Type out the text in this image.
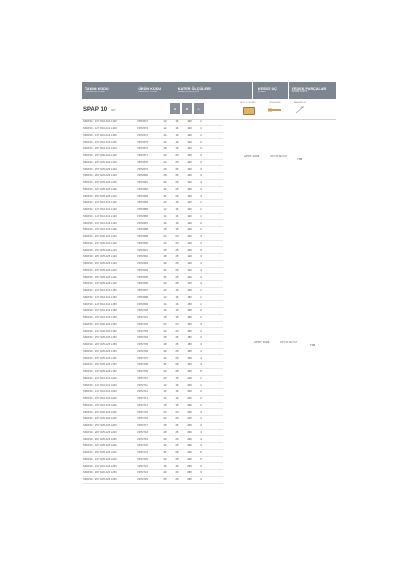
TAKIM KODU
ORDERING CODE
ÜRÜN KODU
PRODUCT CODE
KATER ÖLÇÜLERİ
DIMENSIONS (mm)
KESİCİ UÇ
INSERT
YEDEK PARÇALAR
SPARE PARTS
SPAP 10 90°	H	B	L
APKT 10 UYUMLU	VİDA SCREW	ANAHTAR KEY
SPAP10 - 10Y D16 A10 L100	VRT2672	10	16	100	1
SPAP10 - 12Y D16 A12 L100	VRT2673	12	16	100	1
SPAP10 - 14Y D16 A14 L100	VRT2674	14	16	100	1
SPAP10 - 16Y D16 A16 L100	VRT2675	16	16	100	2
SPAP10 - 18Y D16 A16 L100	VRT2676	18	16	100	2
SPAP10 - 20Y D20 A20 L100	VRT2677	20	20	100	3
SPAP10 - 22Y D20 A20 L100	VRT2678	22	20	100	3
SPAP10 - 25Y D25 A25 L100	VRT2679	25	25	100	3
SPAP10 - 28Y D25 A25 L100	VRT2680	28	25	100	3
SPAP10 - 30Y D25 A25 L100	VRT2681	30	25	100	4
SPAP10 - 32Y D25 A25 L100	VRT2682	32	25	100	4
SPAP10 - 35Y D25 A25 L100	VRT2683	35	25	100	4
SPAP10 - 10Y D16 A10 L120	VRT2684	10	16	120	1
SPAP10 - 12Y D16 A12 L120	VRT2685	12	16	120	1
SPAP10 - 14Y D16 A14 L120	VRT2686	14	16	120	1
SPAP10 - 16Y D16 A16 L120	VRT2687	16	16	120	2
SPAP10 - 18Y D16 A16 L120	VRT2688	18	16	120	2
SPAP10 - 20Y D20 A20 L120	VRT2689	20	20	120	3
SPAP10 - 22Y D20 A20 L120	VRT2690	22	20	120	3
SPAP10 - 25Y D25 A25 L120	VRT2691	25	25	120	3
SPAP10 - 28Y D25 A25 L120	VRT2692	28	25	120	3
SPAP10 - 30Y D25 A25 L120	VRT2693	30	25	120	4
SPAP10 - 32Y D25 A25 L120	VRT2694	32	25	120	4
SPAP10 - 35Y D25 A25 L120	VRT2695	35	25	120	4
SPAP10 - 40Y D25 A25 L120	VRT2696	40	25	120	4
SPAP10 - 10Y D16 A10 L150	VRT2697	10	16	150	1
SPAP10 - 12Y D16 A12 L150	VRT2698	12	16	150	1
SPAP10 - 14Y D16 A14 L150	VRT2699	14	16	150	1
SPAP10 - 16Y D16 A16 L150	VRT2700	16	16	150	2
SPAP10 - 18Y D16 A16 L150	VRT2701	18	16	150	2
SPAP10 - 20Y D20 A20 L150	VRT2702	20	20	150	3
SPAP10 - 22Y D20 A20 L150	VRT2703	22	20	150	3
SPAP10 - 25Y D25 A25 L150	VRT2704	25	25	150	3
SPAP10 - 28Y D25 A25 L150	VRT2705	28	25	150	3
SPAP10 - 30Y D25 A25 L150	VRT2706	30	25	150	4
SPAP10 - 32Y D25 A25 L150	VRT2707	32	25	150	4
SPAP10 - 35Y D25 A25 L150	VRT2708	35	25	150	4
SPAP10 - 40Y D25 A25 L150	VRT2709	40	25	150	5
SPAP10 - 10Y D16 A10 L200	VRT2710	10	16	200	1
SPAP10 - 12Y D16 A12 L200	VRT2711	12	16	200	1
SPAP10 - 14Y D16 A14 L200	VRT2712	14	16	200	2
SPAP10 - 16Y D16 A16 L200	VRT2713	16	16	200	2
SPAP10 - 18Y D16 A16 L200	VRT2714	18	16	200	2
SPAP10 - 20Y D20 A20 L200	VRT2715	20	20	200	3
SPAP10 - 22Y D20 A20 L200	VRT2716	22	20	200	3
SPAP10 - 25Y D25 A25 L200	VRT2717	25	25	200	3
SPAP10 - 28Y D25 A25 L200	VRT2718	28	25	200	4
SPAP10 - 30Y D25 A25 L200	VRT2719	30	25	200	4
SPAP10 - 32Y D25 A25 L200	VRT2720	32	25	200	4
SPAP10 - 35Y D25 A25 L200	VRT2721	35	25	200	5
SPAP10 - 40Y D25 A25 L200	VRT2722	40	25	200	5
SPAP10 - 16Y D16 A16 L250	VRT2723	16	16	250	2
SPAP10 - 20Y D20 A20 L250	VRT2724	20	20	250	3
SPAP10 - 25Y D25 A25 L250	VRT2725	25	25	250	3
APKT 1003	VRT 04 M2,5x7
T08
APKT 1003	VRT 04 M2,5x7
T08
